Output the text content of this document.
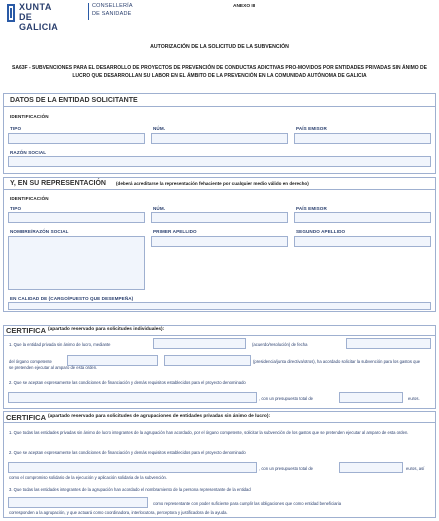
XUNTA
DE GALICIA
CONSELLERÍA
DE SANIDADE
ANEXO III
AUTORIZACIÓN DE LA SOLICITUD DE LA SUBVENCIÓN
SA63F - SUBVENCIONES PARA EL DESARROLLO DE PROYECTOS DE PREVENCIÓN DE CONDUCTAS ADICTIVAS PRO-MOVIDOS POR ENTIDADES PRIVADAS SIN ÁNIMO DE LUCRO QUE DESARROLLAN SU LABOR EN EL ÁMBITO DE LA PREVENCIÓN EN LA COMUNIDAD AUTÓNOMA DE GALICIA
DATOS DE LA ENTIDAD SOLICITANTE
IDENTIFICACIÓN
TIPO	NÚM.	PAÍS EMISOR
RAZÓN SOCIAL
Y, EN SU REPRESENTACIÓN (deberá acreditarse la representación fehaciente por cualquier medio válido en derecho)
IDENTIFICACIÓN
TIPO	NÚM.	PAÍS EMISOR
NOMBRE/RAZÓN SOCIAL	PRIMER APELLIDO	SEGUNDO APELLIDO
EN CALIDAD DE (CARGO/PUESTO QUE DESEMPEÑA)
CERTIFICA (apartado reservado para solicitudes individuales):
1. Que la entidad privada sin ánimo de lucro, mediante	(acuerdo/resolución) de fecha
del órgano competente	(presidencia/junta directiva/otros), ha acordado solicitar la subvención para los gastos que
se pretenden ejecutar al amparo de esta orden.
2. Que se aceptan expresamente las condiciones de financiación y demás requisitos establecidos para el proyecto denominado
, con un presupuesto total de	euros.
CERTIFICA (apartado reservado para solicitudes de agrupaciones de entidades privadas sin ánimo de lucro):
1. Que todas las entidades privadas sin ánimo de lucro integrantes de la agrupación han acordado, por el órgano competente, solicitar la subvención de los gastos que se pretenden ejecutar al amparo de esta orden.
2. Que se aceptan expresamente las condiciones de financiación y demás requisitos establecidos para el proyecto denominado
, con un presupuesto total de	euros, así
como el compromiso solidario de la ejecución y aplicación solidaria de la subvención.
3. Que todas las entidades integrantes de la agrupación han acordado el nombramiento de la persona representante de la entidad
como representante con poder suficiente para cumplir las obligaciones que como entidad beneficiaria
corresponden a la agrupación, y que actuará como coordinadora, interlocutora, perceptora y justificadora de la ayuda.
